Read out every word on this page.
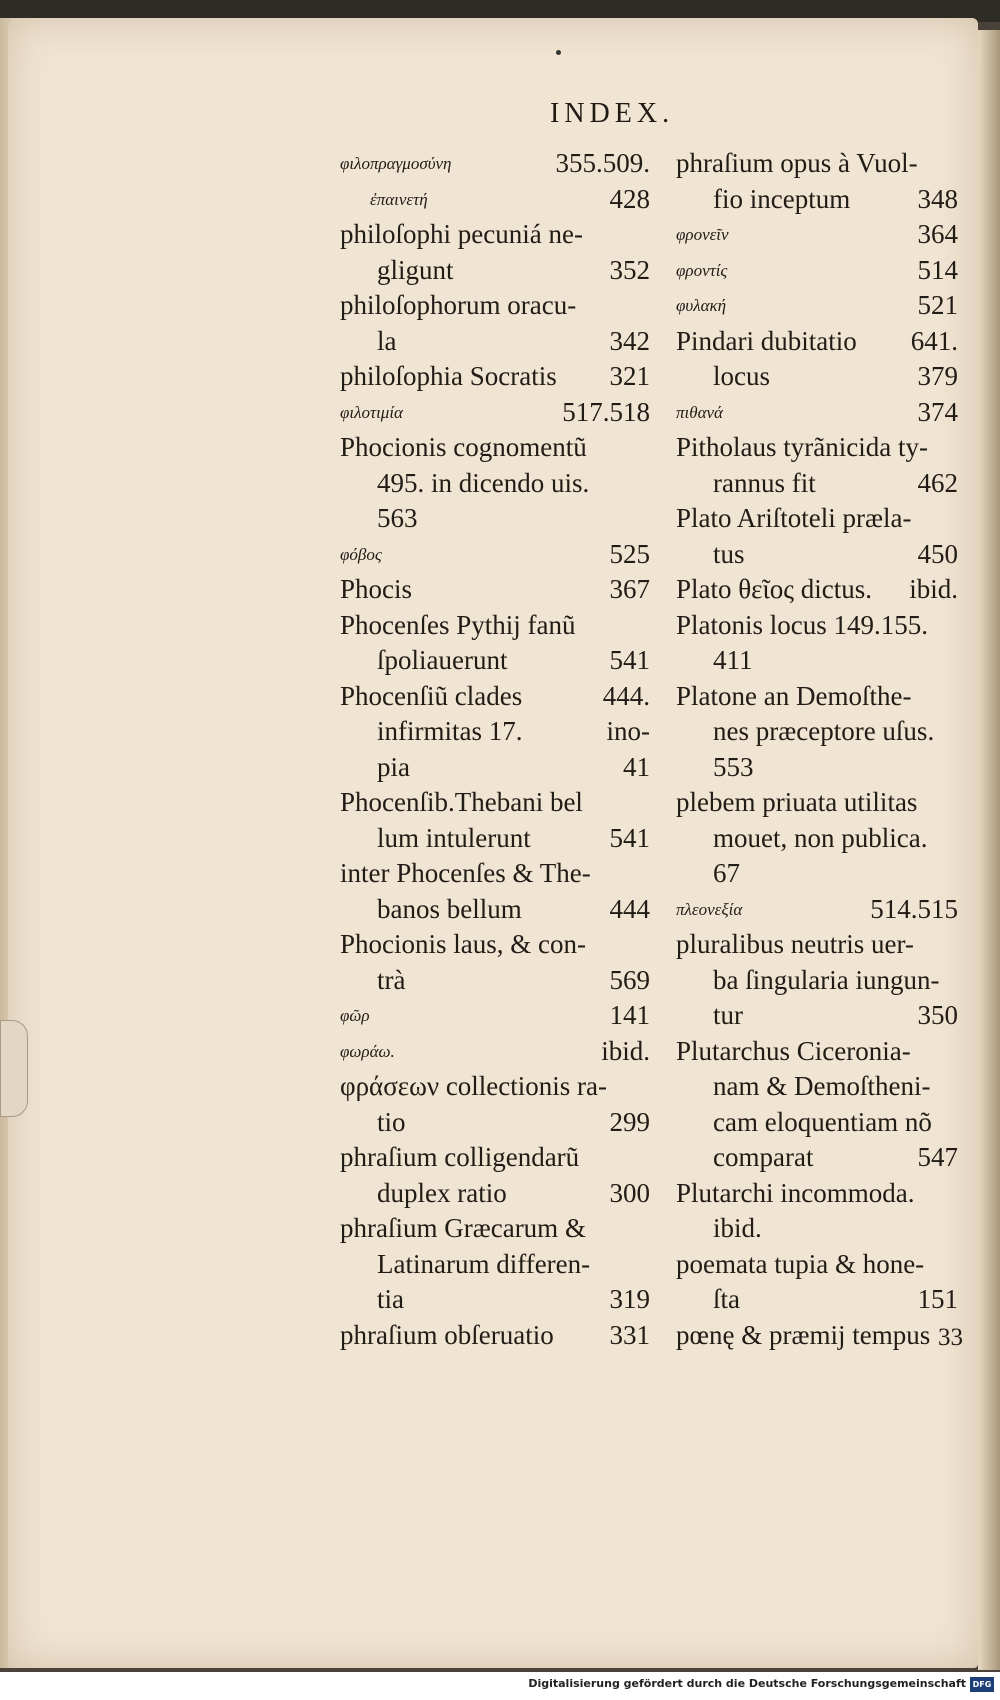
INDEX.
φιλοπραγμοσύνη	355.509.
ἐπαινετή	428
philoſophi pecuniá ne-
gligunt	352
philoſophorum oracu-
la	342
philoſophia Socratis 321
φιλοτιμία	517.518
Phocionis cognomentũ
495. in dicendo uis.
563
φόβος	525
Phocis	367
Phocenſes Pythij fanũ
ſpoliauerunt	541
Phocenſiũ clades	444.
infirmitas 17.	ino-
pia	41
Phocenſib.Thebani bel
lum intulerunt	541
inter Phocenſes & The-
banos bellum	444
Phocionis laus, & con-
trà	569
φῶρ	141
φωράω.	ibid.
φράσεων collectionis ra-
tio	299
phraſium colligendarũ
duplex ratio	300
phraſium Græcarum &
Latinarum differen-
tia	319
phraſium obſeruatio 331
phraſium opus à Vuol-
fio inceptum 348
φρονεῖν	364
φροντίς	514
φυλακή	521
Pindari dubitatio 641.
locus	379
πιθανά	374
Pitholaus tyrãnicida ty-
rannus fit	462
Plato Ariſtoteli præla-
tus	450
Plato θεῖος dictus. ibid.
Platonis locus 149.155.
411
Platone an Demoſthe-
nes præceptore uſus.
553
plebem priuata utilitas
mouet, non publica.
67
πλεονεξία	514.515
pluralibus neutris uer-
ba ſingularia iungun-
tur	350
Plutarchus Ciceronia-
nam & Demoſtheni-
cam eloquentiam nõ
comparat	547
Plutarchi incommoda.
ibid.
poemata tupia & hone-
ſta	151
pœnę & præmij tempus 33
Digitalisierung gefördert durch die Deutsche Forschungsgemeinschaft DFG
